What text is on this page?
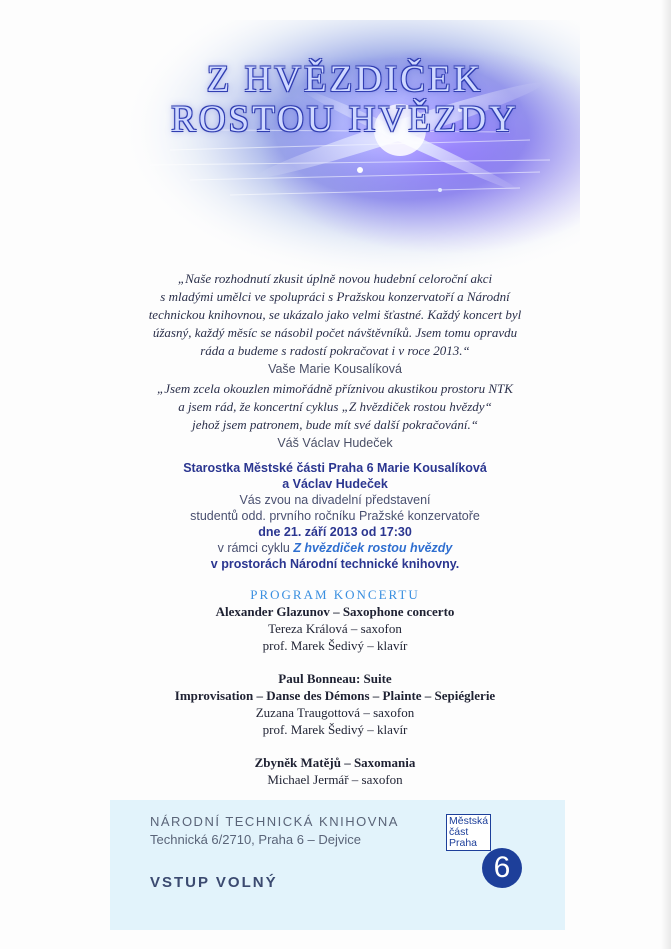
Z HVĚZDIČEK
ROSTOU HVĚZDY
„Naše rozhodnutí zkusit úplně novou hudební celoroční akci
s mladými umělci ve spolupráci s Pražskou konzervatoří a Národní
technickou knihovnou, se ukázalo jako velmi šťastné. Každý koncert byl
úžasný, každý měsíc se násobil počet návštěvníků. Jsem tomu opravdu
ráda a budeme s radostí pokračovat i v roce 2013.“
Vaše Marie Kousalíková
„Jsem zcela okouzlen mimořádně příznivou akustikou prostoru NTK
a jsem rád, že koncertní cyklus „Z hvězdiček rostou hvězdy“
jehož jsem patronem, bude mít své další pokračování.“
Váš Václav Hudeček
Starostka Městské části Praha 6 Marie Kousalíková
a Václav Hudeček
Vás zvou na divadelní představení
studentů odd. prvního ročníku Pražské konzervatoře
dne 21. září 2013 od 17:30
v rámci cyklu Z hvězdiček rostou hvězdy
v prostorách Národní technické knihovny.
PROGRAM KONCERTU
Alexander Glazunov – Saxophone concerto
Tereza Králová – saxofon
prof. Marek Šedivý – klavír
Paul Bonneau: Suite
Improvisation – Danse des Démons – Plainte – Sepiéglerie
Zuzana Traugottová – saxofon
prof. Marek Šedivý – klavír
Zbyněk Matějů – Saxomania
Michael Jermář – saxofon
NÁRODNÍ TECHNICKÁ KNIHOVNA
Technická 6/2710, Praha 6 – Dejvice
VSTUP VOLNÝ
Městská
část
Praha
6
